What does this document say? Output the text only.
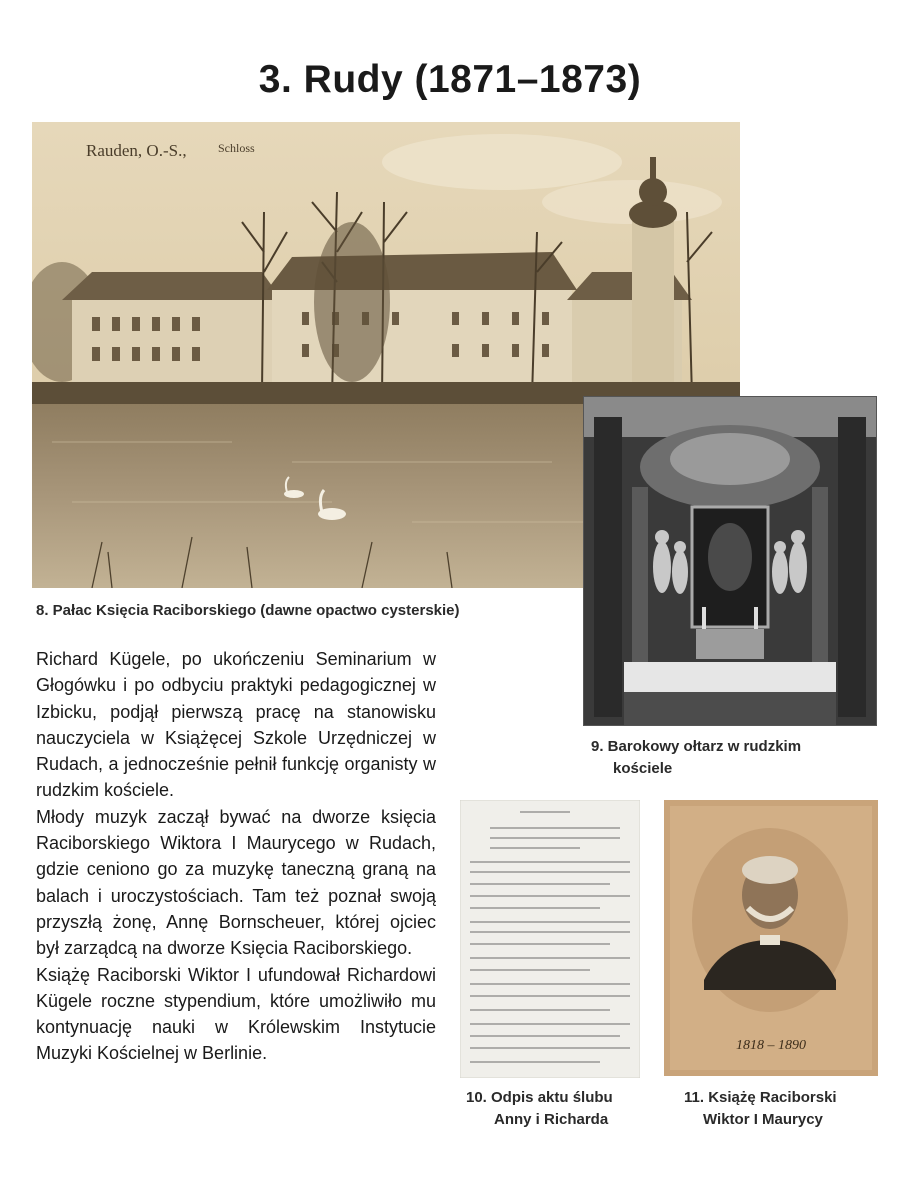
3. Rudy (1871–1873)
Rauden, O.-S.,	Schloss
8. Pałac Księcia Raciborskiego (dawne opactwo cysterskie)
9. Barokowy ołtarz w rudzkim
kościele

Richard Kügele, po ukończeniu Seminarium w Głogówku i po odbyciu praktyki pedagogicznej w Izbicku, podjął pierwszą pracę na stanowisku nauczyciela w Książęcej Szkole Urzędniczej w Rudach, a jednocześnie pełnił funkcję organisty w rudzkim kościele.

Młody muzyk zaczął bywać na dworze księcia Raciborskiego Wiktora I Maurycego w Rudach, gdzie ceniono go za muzykę taneczną graną na balach i uroczystościach. Tam też poznał swoją przyszłą żonę, Annę Bornscheuer, której ojciec był zarządcą na dworze Księcia Raciborskiego.

Książę Raciborski Wiktor I ufundował Richardowi Kügele roczne stypendium, które umożliwiło mu kontynuację nauki w Królewskim Instytucie Muzyki Kościelnej w Berlinie.

10. Odpis aktu ślubu
Anny i Richarda
1818 – 1890
11. Książę Raciborski
Wiktor I Maurycy
